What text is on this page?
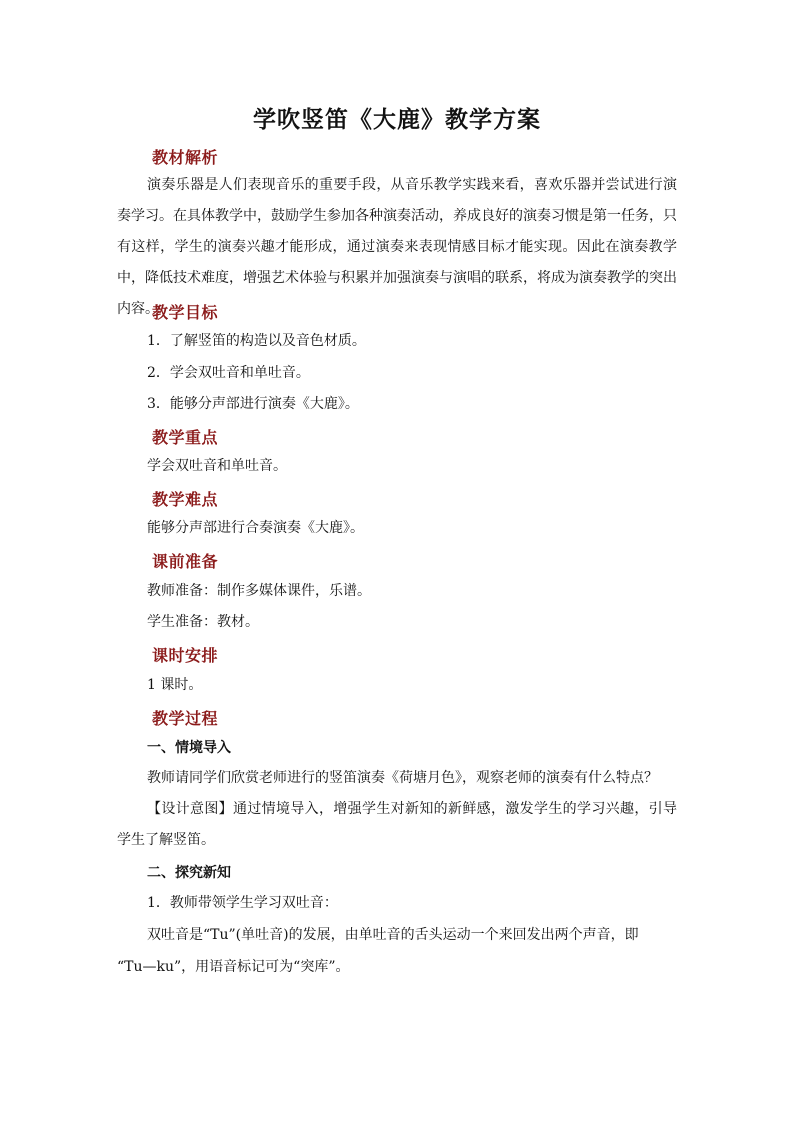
学吹竖笛《大鹿》教学方案
教材解析
演奏乐器是人们表现音乐的重要手段，从音乐教学实践来看，喜欢乐器并尝试进行演奏学习。在具体教学中，鼓励学生参加各种演奏活动，养成良好的演奏习惯是第一任务，只有这样，学生的演奏兴趣才能形成，通过演奏来表现情感目标才能实现。因此在演奏教学中，降低技术难度，增强艺术体验与积累并加强演奏与演唱的联系，将成为演奏教学的突出内容。
教学目标
1．了解竖笛的构造以及音色材质。
2．学会双吐音和单吐音。
3．能够分声部进行演奏《大鹿》。
教学重点
学会双吐音和单吐音。
教学难点
能够分声部进行合奏演奏《大鹿》。
课前准备
教师准备：制作多媒体课件，乐谱。
学生准备：教材。
课时安排
1 课时。
教学过程
一、情境导入
教师请同学们欣赏老师进行的竖笛演奏《荷塘月色》，观察老师的演奏有什么特点？
【设计意图】通过情境导入，增强学生对新知的新鲜感，激发学生的学习兴趣，引导学生了解竖笛。
二、探究新知
1．教师带领学生学习双吐音：
双吐音是“Tu”(单吐音)的发展，由单吐音的舌头运动一个来回发出两个声音，即
“Tu—ku”，用语音标记可为“突库”。
